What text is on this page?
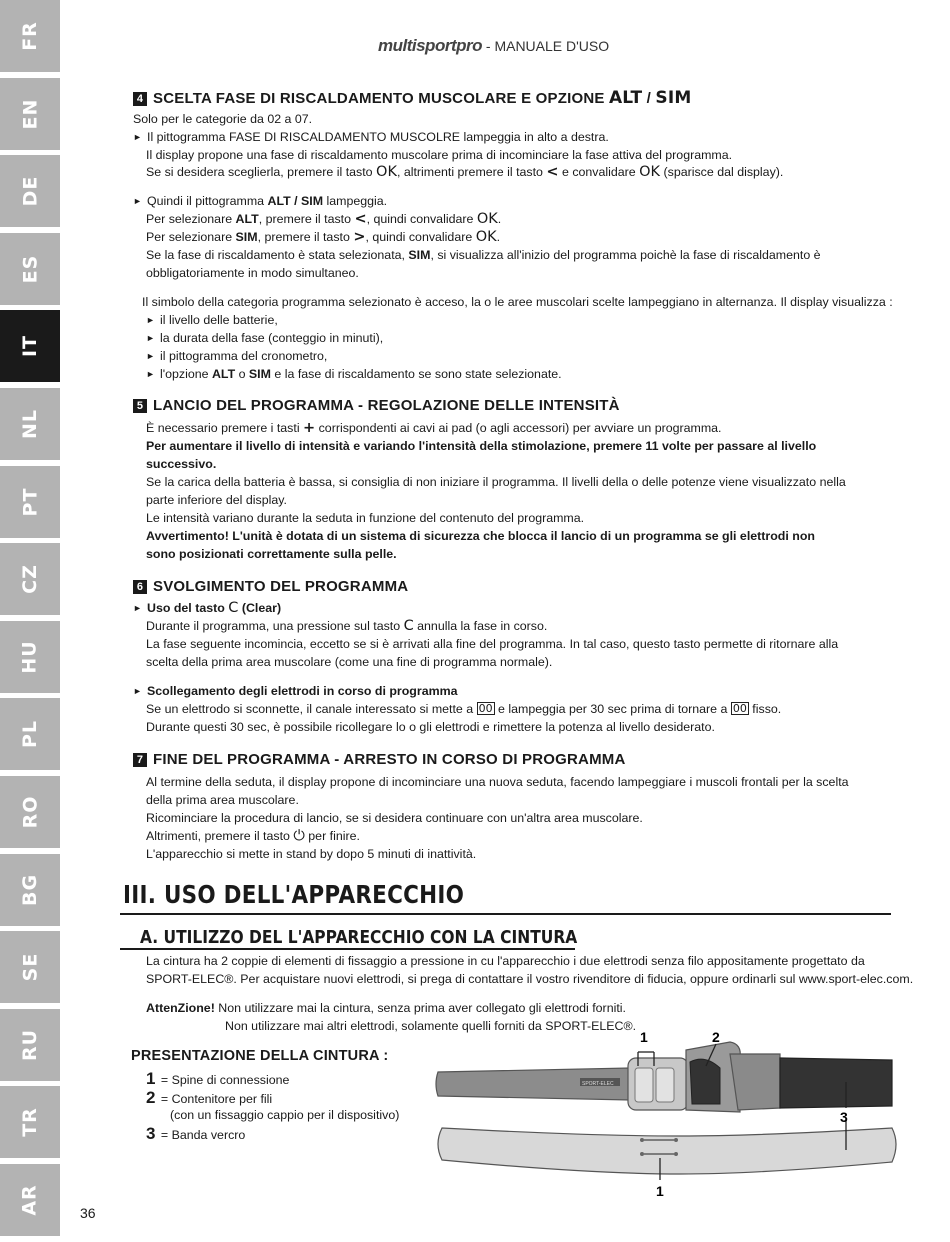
FR
EN
DE
ES
IT
NL
PT
CZ
HU
PL
RO
BG
SE
RU
TR
AR
multisportpro - MANUALE D'USO
4 SCELTA FASE DI RISCALDAMENTO MUSCOLARE E OPZIONE ALT / SIM
Solo per le categorie da 02 a 07.
► Il pittogramma FASE DI RISCALDAMENTO MUSCOLRE lampeggia in alto a destra.
Il display propone una fase di riscaldamento muscolare prima di incominciare la fase attiva del programma.
Se si desidera sceglierla, premere il tasto OK, altrimenti premere il tasto < e convalidare OK (sparisce dal display).
► Quindi il pittogramma ALT / SIM lampeggia.
Per selezionare ALT, premere il tasto <, quindi convalidare OK.
Per selezionare SIM, premere il tasto >, quindi convalidare OK.
Se la fase di riscaldamento è stata selezionata, SIM, si visualizza all'inizio del programma poichè la fase di riscaldamento è
obbligatoriamente in modo simultaneo.
Il simbolo della categoria programma selezionato è acceso, la o le aree muscolari scelte lampeggiano in alternanza. Il display visualizza :
► il livello delle batterie,
► la durata della fase (conteggio in minuti),
► il pittogramma del cronometro,
► l'opzione ALT o SIM e la fase di riscaldamento se sono state selezionate.
5 LANCIO DEL PROGRAMMA - REGOLAZIONE DELLE INTENSITÀ
È necessario premere i tasti + corrispondenti ai cavi ai pad (o agli accessori) per avviare un programma.
Per aumentare il livello di intensità e variando l'intensità della stimolazione, premere 11 volte per passare al livello
successivo.
Se la carica della batteria è bassa, si consiglia di non iniziare il programma. Il livelli della o delle potenze viene visualizzato nella
parte inferiore del display.
Le intensità variano durante la seduta in funzione del contenuto del programma.
Avvertimento! L'unità è dotata di un sistema di sicurezza che blocca il lancio di un programma se gli elettrodi non
sono posizionati correttamente sulla pelle.
6 SVOLGIMENTO DEL PROGRAMMA
► Uso del tasto C (Clear)
Durante il programma, una pressione sul tasto C annulla la fase in corso.
La fase seguente incomincia, eccetto se si è arrivati alla fine del programma. In tal caso, questo tasto permette di ritornare alla
scelta della prima area muscolare (come una fine di programma normale).
► Scollegamento degli elettrodi in corso di programma
Se un elettrodo si sconnette, il canale interessato si mette a 00 e lampeggia per 30 sec prima di tornare a 00 fisso.
Durante questi 30 sec, è possibile ricollegare lo o gli elettrodi e rimettere la potenza al livello desiderato.
7 FINE DEL PROGRAMMA - ARRESTO IN CORSO DI PROGRAMMA
Al termine della seduta, il display propone di incominciare una nuova seduta, facendo lampeggiare i muscoli frontali per la scelta
della prima area muscolare.
Ricominciare la procedura di lancio, se si desidera continuare con un'altra area muscolare.
Altrimenti, premere il tasto ⏻ per finire.
L'apparecchio si mette in stand by dopo 5 minuti di inattività.
III. USO DELL'APPARECCHIO
A. UTILIZZO DEL L'APPARECCHIO CON LA CINTURA
La cintura ha 2 coppie di elementi di fissaggio a pressione in cu l'apparecchio i due elettrodi senza filo appositamente progettato da
SPORT-ELEC®. Per acquistare nuovi elettrodi, si prega di contattare il vostro rivenditore di fiducia, oppure ordinarli sul www.sport-elec.com.
AttenZione! Non utilizzare mai la cintura, senza prima aver collegato gli elettrodi forniti.
Non utilizzare mai altri elettrodi, solamente quelli forniti da SPORT-ELEC®.
PRESENTAZIONE DELLA CINTURA :
1 = Spine di connessione
2 = Contenitore per fili
(con un fissaggio cappio per il dispositivo)
3 = Banda vercro
1	2
3
1
SPORT-ELEC
36
